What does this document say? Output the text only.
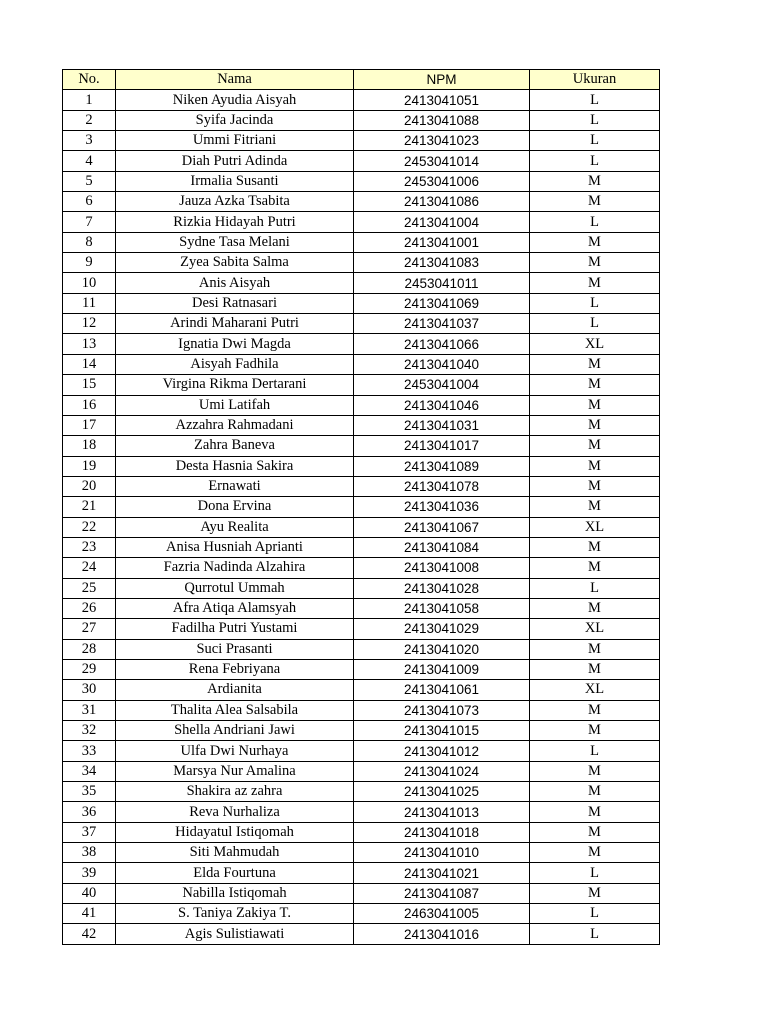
No.	Nama	NPM	Ukuran
1	Niken Ayudia Aisyah	2413041051	L
2	Syifa Jacinda	2413041088	L
3	Ummi Fitriani	2413041023	L
4	Diah Putri Adinda	2453041014	L
5	Irmalia Susanti	2453041006	M
6	Jauza Azka Tsabita	2413041086	M
7	Rizkia Hidayah Putri	2413041004	L
8	Sydne Tasa Melani	2413041001	M
9	Zyea Sabita Salma	2413041083	M
10	Anis Aisyah	2453041011	M
11	Desi Ratnasari	2413041069	L
12	Arindi Maharani Putri	2413041037	L
13	Ignatia Dwi Magda	2413041066	XL
14	Aisyah Fadhila	2413041040	M
15	Virgina Rikma Dertarani	2453041004	M
16	Umi Latifah	2413041046	M
17	Azzahra Rahmadani	2413041031	M
18	Zahra Baneva	2413041017	M
19	Desta Hasnia Sakira	2413041089	M
20	Ernawati	2413041078	M
21	Dona Ervina	2413041036	M
22	Ayu Realita	2413041067	XL
23	Anisa Husniah Aprianti	2413041084	M
24	Fazria Nadinda Alzahira	2413041008	M
25	Qurrotul Ummah	2413041028	L
26	Afra Atiqa Alamsyah	2413041058	M
27	Fadilha Putri Yustami	2413041029	XL
28	Suci Prasanti	2413041020	M
29	Rena Febriyana	2413041009	M
30	Ardianita	2413041061	XL
31	Thalita Alea Salsabila	2413041073	M
32	Shella Andriani Jawi	2413041015	M
33	Ulfa Dwi Nurhaya	2413041012	L
34	Marsya Nur Amalina	2413041024	M
35	Shakira az zahra	2413041025	M
36	Reva Nurhaliza	2413041013	M
37	Hidayatul Istiqomah	2413041018	M
38	Siti Mahmudah	2413041010	M
39	Elda Fourtuna	2413041021	L
40	Nabilla Istiqomah	2413041087	M
41	S. Taniya Zakiya T.	2463041005	L
42	Agis Sulistiawati	2413041016	L
